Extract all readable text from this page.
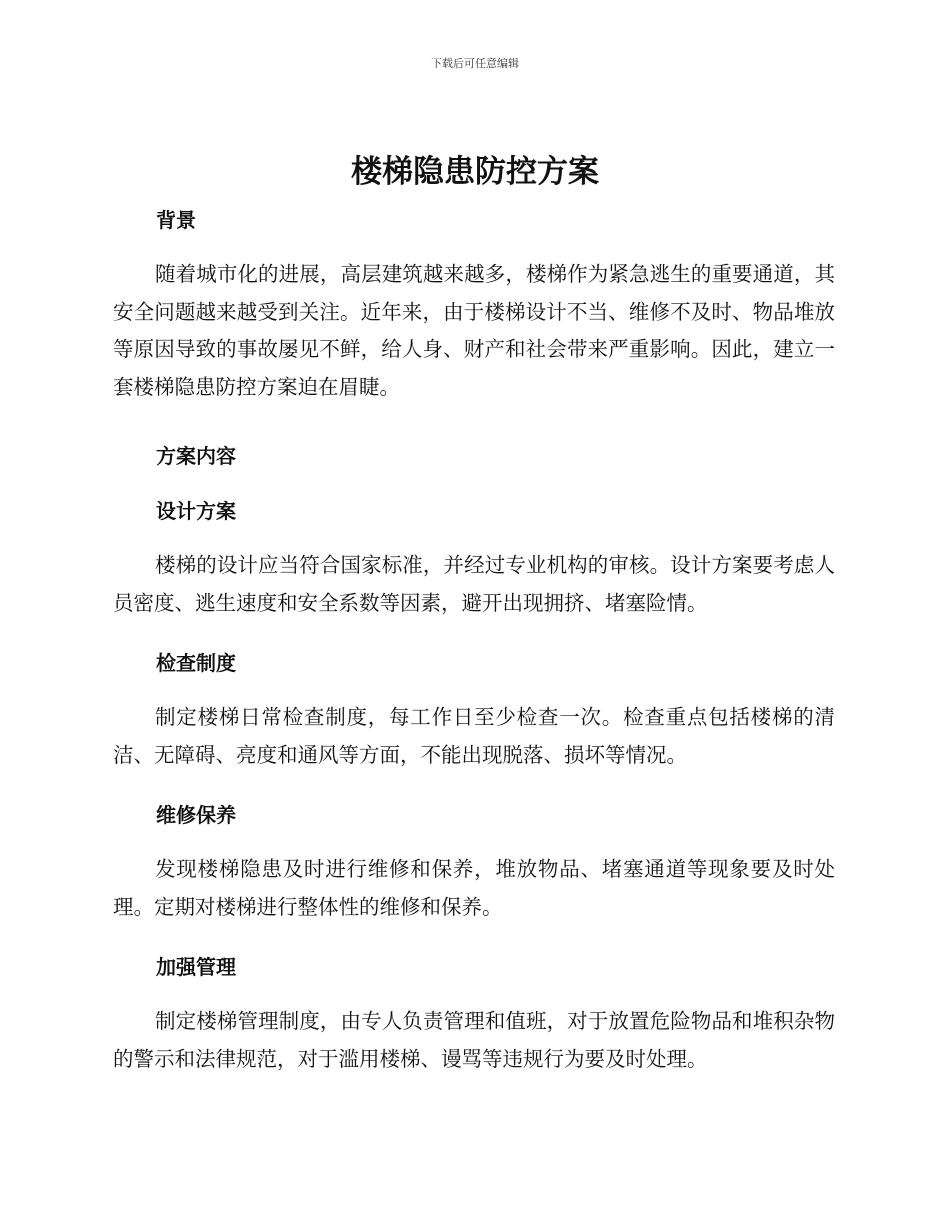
下载后可任意编辑
楼梯隐患防控方案
背景

随着城市化的进展，高层建筑越来越多，楼梯作为紧急逃生的重要通道，其安全问题越来越受到关注。近年来，由于楼梯设计不当、维修不及时、物品堆放等原因导致的事故屡见不鲜，给人身、财产和社会带来严重影响。因此，建立一套楼梯隐患防控方案迫在眉睫。

方案内容
设计方案

楼梯的设计应当符合国家标准，并经过专业机构的审核。设计方案要考虑人员密度、逃生速度和安全系数等因素，避开出现拥挤、堵塞险情。

检查制度

制定楼梯日常检查制度，每工作日至少检查一次。检查重点包括楼梯的清洁、无障碍、亮度和通风等方面，不能出现脱落、损坏等情况。

维修保养

发现楼梯隐患及时进行维修和保养，堆放物品、堵塞通道等现象要及时处理。定期对楼梯进行整体性的维修和保养。

加强管理

制定楼梯管理制度，由专人负责管理和值班，对于放置危险物品和堆积杂物的警示和法律规范，对于滥用楼梯、谩骂等违规行为要及时处理。
